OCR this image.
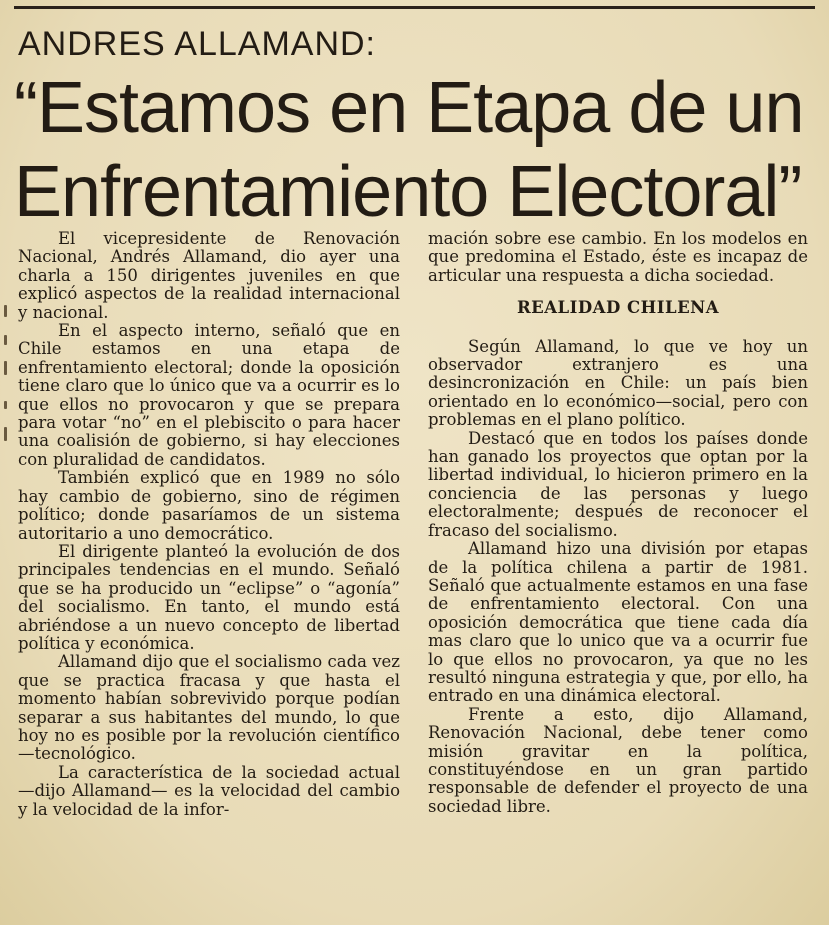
ANDRES ALLAMAND:
“Estamos en Etapa de un
Enfrentamiento Electoral”

El vicepresidente de Renovación Nacional, Andrés Allamand, dio ayer una charla a 150 dirigentes juveniles en que explicó aspectos de la realidad internacional y nacional.

En el aspecto interno, señaló que en Chile estamos en una etapa de enfrentamiento electoral; donde la oposición tiene claro que lo único que va a ocurrir es lo que ellos no provocaron y que se prepara para votar “no” en el plebiscito o para hacer una coalisión de gobierno, si hay elecciones con pluralidad de candidatos.

También explicó que en 1989 no sólo hay cambio de gobierno, sino de régimen político; donde pasaríamos de un sistema autoritario a uno democrático.

El dirigente planteó la evolución de dos principales tendencias en el mundo. Señaló que se ha producido un “eclipse” o “agonía” del socialismo. En tanto, el mundo está abriéndose a un nuevo concepto de libertad política y económica.

Allamand dijo que el socialismo cada vez que se practica fracasa y que hasta el momento habían sobrevivido porque podían separar a sus habitantes del mundo, lo que hoy no es posible por la revolución científico—tecnológico.

La característica de la sociedad actual —dijo Allamand— es la velocidad del cambio y la velocidad de la infor-

mación sobre ese cambio. En los modelos en que predomina el Estado, éste es incapaz de articular una respuesta a dicha sociedad.

REALIDAD CHILENA

Según Allamand, lo que ve hoy un observador extranjero es una desincronización en Chile: un país bien orientado en lo económico—social, pero con problemas en el plano político.

Destacó que en todos los países donde han ganado los proyectos que optan por la libertad individual, lo hicieron primero en la conciencia de las personas y luego electoralmente; después de reconocer el fracaso del socialismo.

Allamand hizo una división por etapas de la política chilena a partir de 1981. Señaló que actualmente estamos en una fase de enfrentamiento electoral. Con una oposición democrática que tiene cada día mas claro que lo unico que va a ocurrir fue lo que ellos no provocaron, ya que no les resultó ninguna estrategia y que, por ello, ha entrado en una dinámica electoral.

Frente a esto, dijo Allamand, Renovación Nacional, debe tener como misión gravitar en la política, constituyéndose en un gran partido responsable de defender el proyecto de una sociedad libre.
